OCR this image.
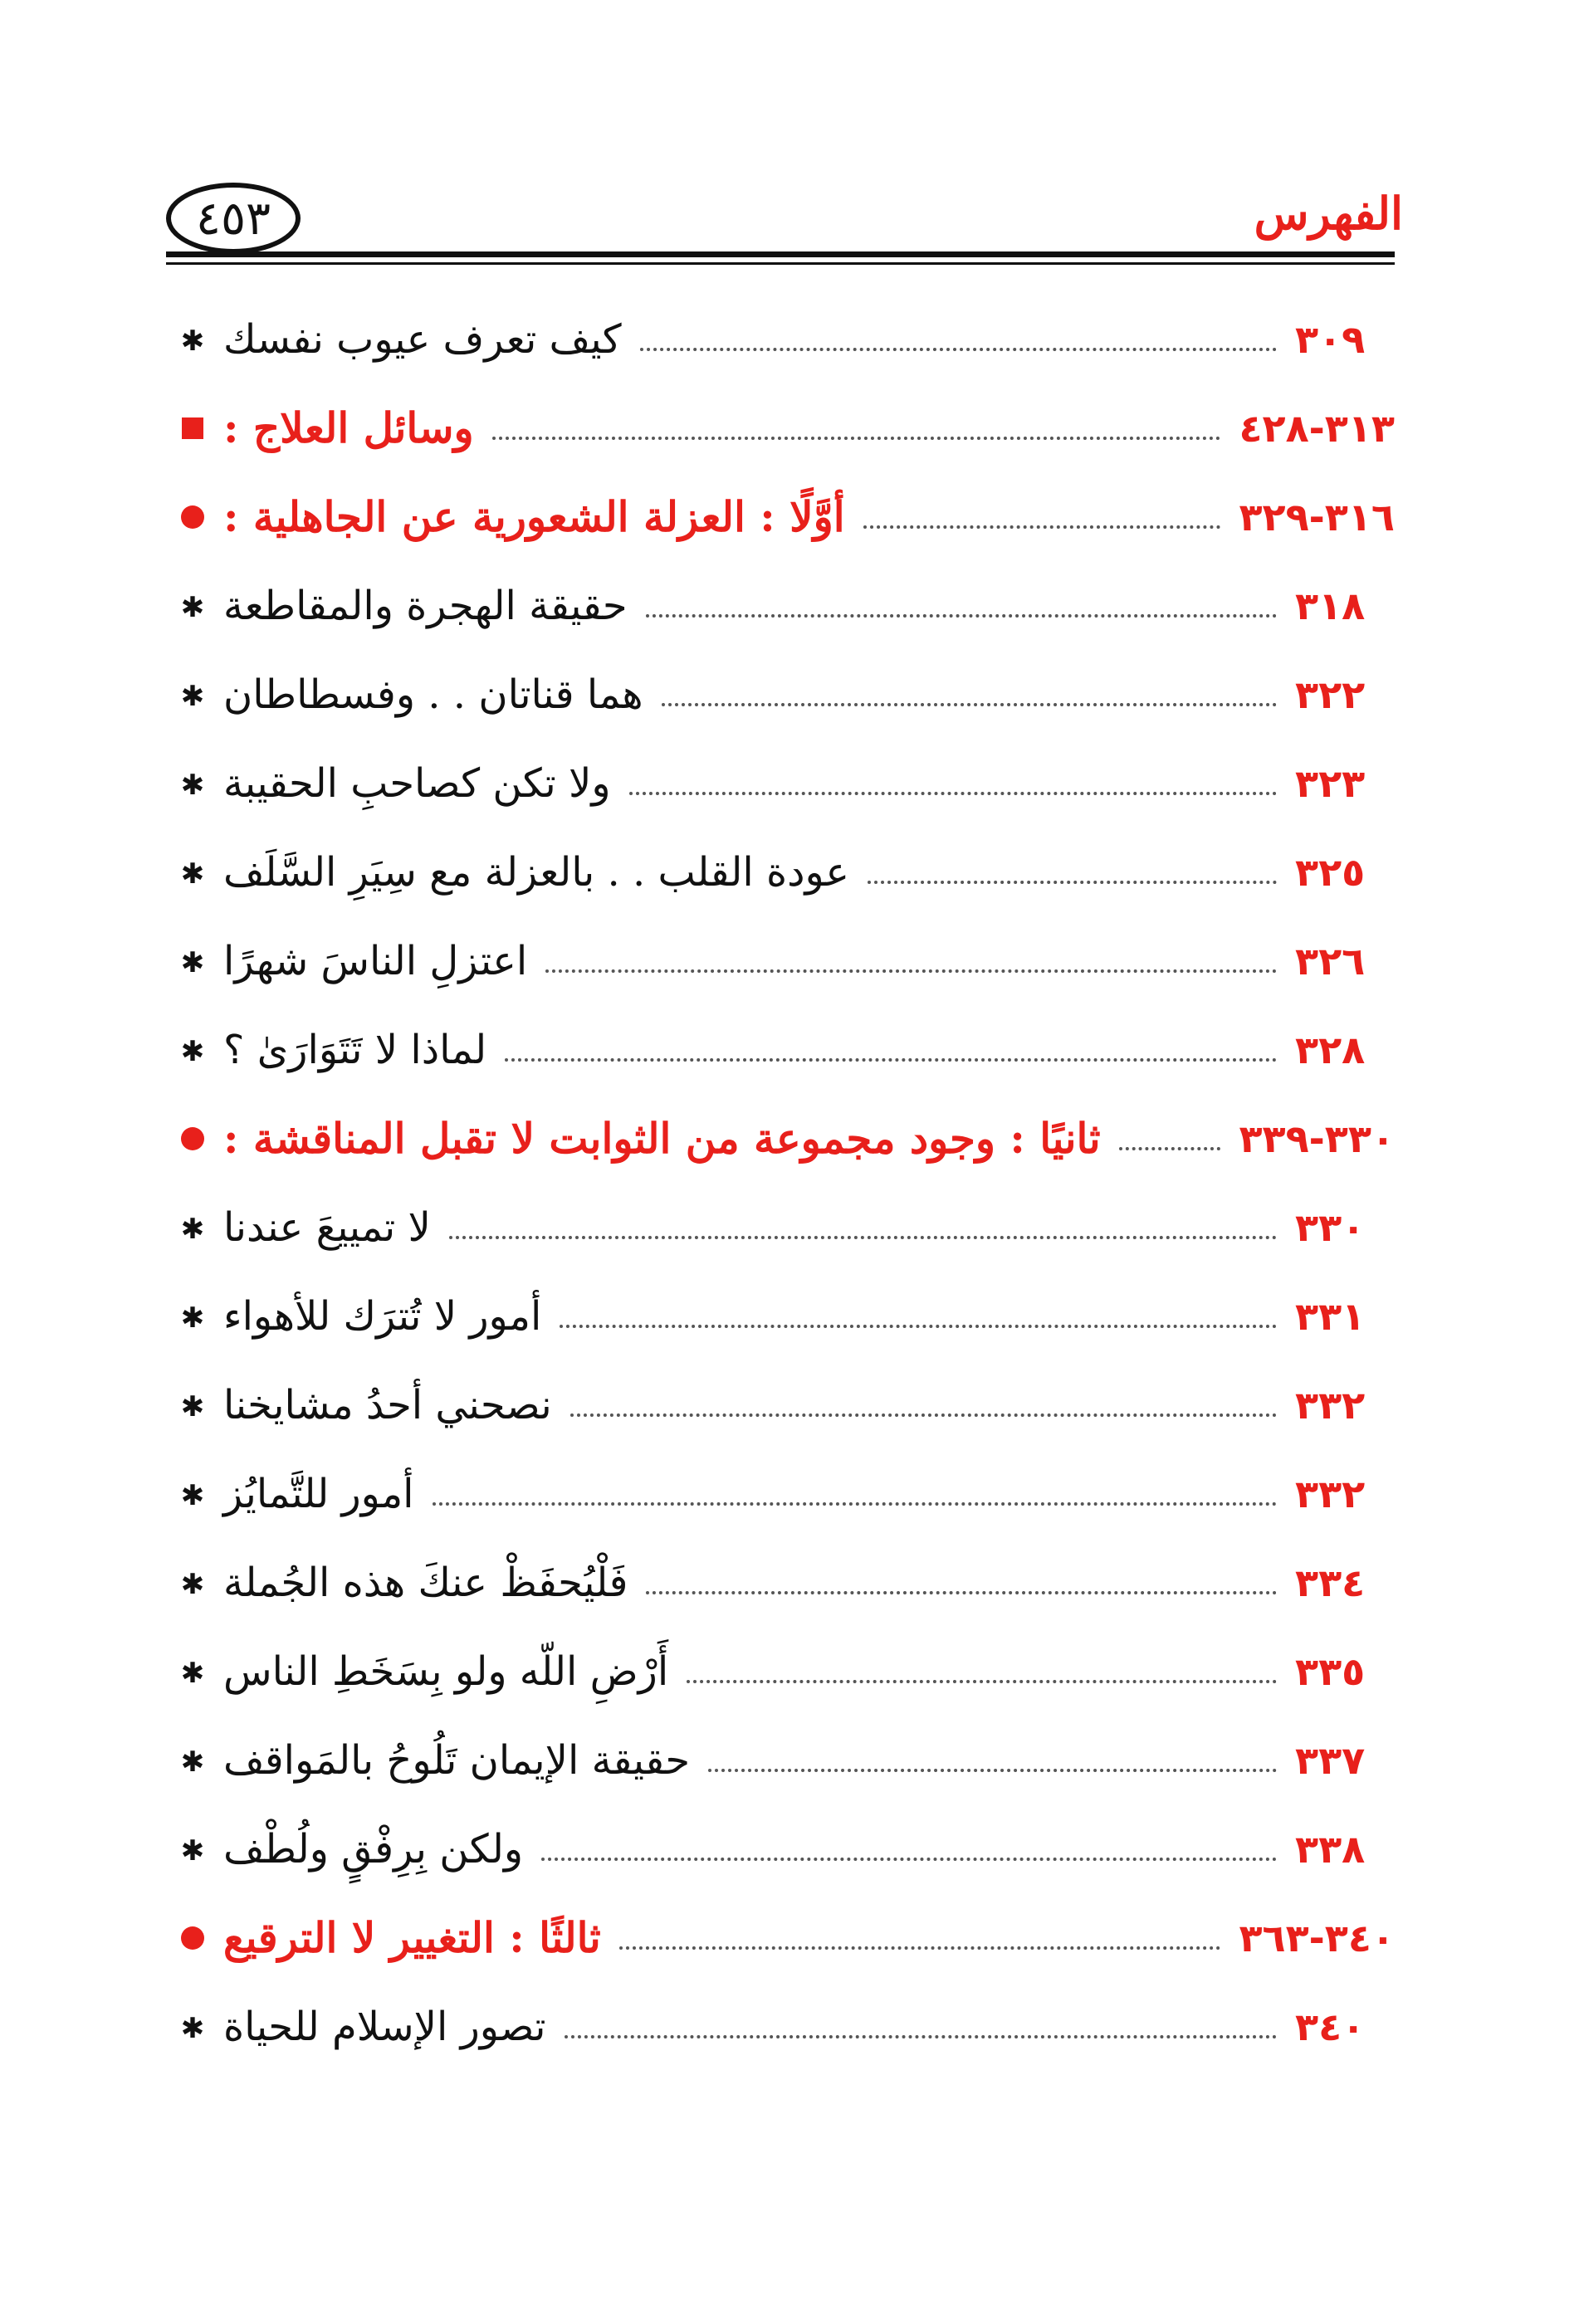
٤٥٣	الفهرس
✱
كيف تعرف عيوب نفسك	٣٠٩
وسائل العلاج :	٣١٣-٤٢٨
أوَّلًا : العزلة الشعورية عن الجاهلية :	٣١٦-٣٢٩
✱
حقيقة الهجرة والمقاطعة	٣١٨
✱
هما قناتان . . وفسطاطان	٣٢٢
✱
ولا تكن كصاحبِ الحقيبة	٣٢٣
✱
عودة القلب . . بالعزلة مع سِيَرِ السَّلَف	٣٢٥
✱
اعتزلِ الناسَ شهرًا	٣٢٦
✱
لماذا لا تَتَوَارَىٰ ؟	٣٢٨
ثانيًا : وجود مجموعة من الثوابت لا تقبل المناقشة :	٣٣٠-٣٣٩
✱
لا تمييعَ عندنا	٣٣٠
✱
أمور لا تُترَك للأهواء	٣٣١
✱
نصحني أحدُ مشايخنا	٣٣٢
✱
أمور للتَّمايُز	٣٣٢
✱
فَلْيُحفَظْ عنكَ هذه الجُملة	٣٣٤
✱
أَرْضِ اللّه ولو بِسَخَطِ الناس	٣٣٥
✱
حقيقة الإيمان تَلُوحُ بالمَواقف	٣٣٧
✱
ولكن بِرِفْقٍ ولُطْف	٣٣٨
ثالثًا : التغيير لا الترقيع	٣٤٠-٣٦٣
✱
تصور الإسلام للحياة	٣٤٠
